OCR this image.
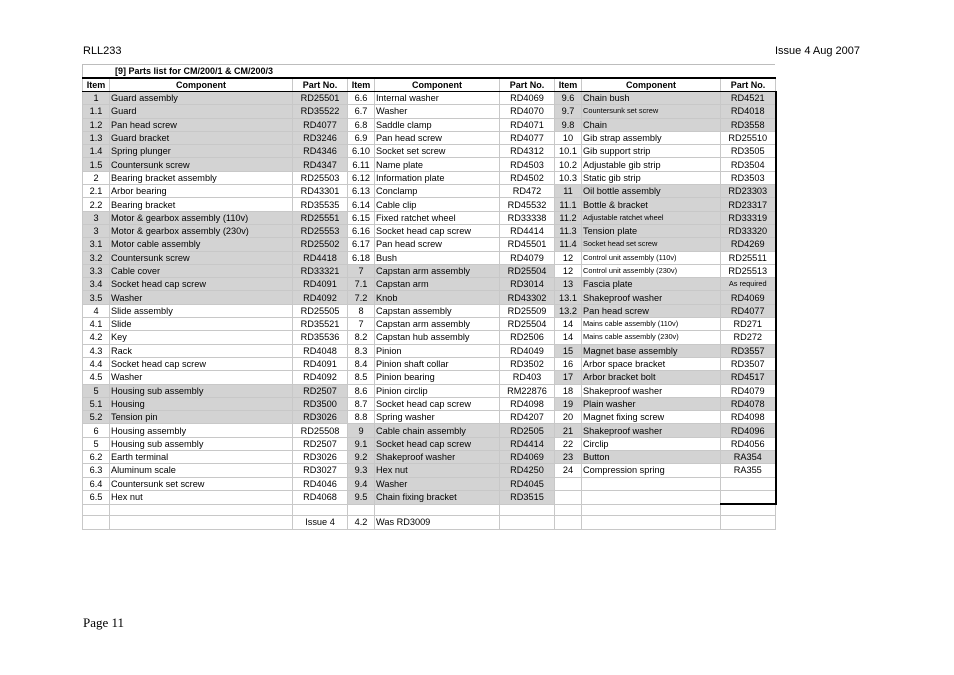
RLL233	Issue 4 Aug 2007
[9] Parts list for CM/200/1 & CM/200/3
Item	Component	Part No.	Item	Component	Part No.	Item	Component	Part No.
1	Guard assembly	RD25501	6.6	Internal washer	RD4069	9.6	Chain bush	RD4521
1.1	Guard	RD35522	6.7	Washer	RD4070	9.7	Countersunk set screw	RD4018
1.2	Pan head screw	RD4077	6.8	Saddle clamp	RD4071	9.8	Chain	RD3558
1.3	Guard bracket	RD3246	6.9	Pan head screw	RD4077	10	Gib strap assembly	RD25510
1.4	Spring plunger	RD4346	6.10	Socket set screw	RD4312	10.1	Gib support strip	RD3505
1.5	Countersunk screw	RD4347	6.11	Name plate	RD4503	10.2	Adjustable gib strip	RD3504
2	Bearing bracket assembly	RD25503	6.12	Information plate	RD4502	10.3	Static gib strip	RD3503
2.1	Arbor bearing	RD43301	6.13	Conclamp	RD472	11	Oil bottle assembly	RD23303
2.2	Bearing bracket	RD35535	6.14	Cable clip	RD45532	11.1	Bottle & bracket	RD23317
3	Motor & gearbox assembly (110v)	RD25551	6.15	Fixed ratchet wheel	RD33338	11.2	Adjustable ratchet wheel	RD33319
3	Motor & gearbox assembly (230v)	RD25553	6.16	Socket head cap screw	RD4414	11.3	Tension plate	RD33320
3.1	Motor cable assembly	RD25502	6.17	Pan head screw	RD45501	11.4	Socket head set screw	RD4269
3.2	Countersunk screw	RD4418	6.18	Bush	RD4079	12	Control unit assembly (110v)	RD25511
3.3	Cable cover	RD33321	7	Capstan arm assembly	RD25504	12	Control unit assembly (230v)	RD25513
3.4	Socket head cap screw	RD4091	7.1	Capstan arm	RD3014	13	Fascia plate	As required
3.5	Washer	RD4092	7.2	Knob	RD43302	13.1	Shakeproof washer	RD4069
4	Slide assembly	RD25505	8	Capstan assembly	RD25509	13.2	Pan head screw	RD4077
4.1	Slide	RD35521	7	Capstan arm assembly	RD25504	14	Mains cable assembly (110v)	RD271
4.2	Key	RD35536	8.2	Capstan hub assembly	RD2506	14	Mains cable assembly (230v)	RD272
4.3	Rack	RD4048	8.3	Pinion	RD4049	15	Magnet base assembly	RD3557
4.4	Socket head cap screw	RD4091	8.4	Pinion shaft collar	RD3502	16	Arbor space bracket	RD3507
4.5	Washer	RD4092	8.5	Pinion bearing	RD403	17	Arbor bracket bolt	RD4517
5	Housing sub assembly	RD2507	8.6	Pinion circlip	RM22876	18	Shakeproof washer	RD4079
5.1	Housing	RD3500	8.7	Socket head cap screw	RD4098	19	Plain washer	RD4078
5.2	Tension pin	RD3026	8.8	Spring washer	RD4207	20	Magnet fixing screw	RD4098
6	Housing assembly	RD25508	9	Cable chain assembly	RD2505	21	Shakeproof washer	RD4096
5	Housing sub assembly	RD2507	9.1	Socket head cap screw	RD4414	22	Circlip	RD4056
6.2	Earth terminal	RD3026	9.2	Shakeproof washer	RD4069	23	Button	RA354
6.3	Aluminum scale	RD3027	9.3	Hex nut	RD4250	24	Compression spring	RA355
6.4	Countersunk set screw	RD4046	9.4	Washer	RD4045			
6.5	Hex nut	RD4068	9.5	Chain fixing bracket	RD3515			

		Issue 4	4.2	Was RD3009				
Page 11
